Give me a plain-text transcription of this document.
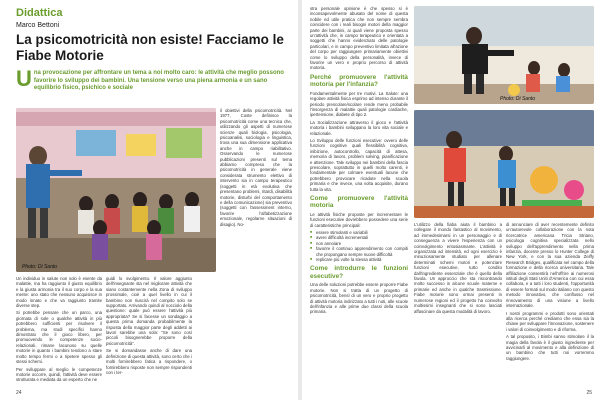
Didattica
Marco Bettoni
La psicomotricità non esiste! Facciamo le Fiabe Motorie
Una provocazione per affrontare un tema a noi molto caro: le attività che meglio possono favorire lo sviluppo dei bambini. Una tensione verso una piena armonia e un sano equilibrio fisico, psichico e sociale
Photo: Di Santo

Un individuo in salute non solo è esente da malattie, ma ha raggiunto il giusto equilibrio e la giusta armonia tra il suo corpo e la sua mente: uno stato che nessuno acquisisce in modo innato e che va raggiunto tramite diverse step.

Si potrebbe pensare che un parco, una giornata di sole o qualche attività in più potrebbero sufficienti per risolvere il problema, ma studi specifici hanno dimostrato che il gioco libero, per promuovendo le competenze socio-relazionali, rimane lacunoso su quelle motorie in quanto i bambini tendono a stare molto tempo fermi o a ripetere spesso gli stessi schemi.

Per sviluppare al meglio le competenze motorie occorre, quindi, l'attività deve essere strutturata e mediata da un esperto che ne

guidi lo svolgimento. Il valore aggiunto dell'insegnante sta nel migliorare attività che siano costantemente nella Zona di sviluppo prossimale, cioè a quel livello in cui il bambino non riuscirà nel compito solo se supportato. Arrivando quindi al nocciolo della questione: quale può essere l'attività più appropriata? Se si facesse un sondaggio a questa prima domanda probabilmente la risposta della maggior parte degli addetti ai lavori sarebbe una sola: "Se sono così piccoli bisognerebbe proporre della psicomotricità".

Se si domandasse anche di dare una definizione di questa attività, sono certo che i molti fornirebbero fatica a rispondere, o fornirebbero risposte non sempre rispondenti con i ter-

il obiettivi della psicomotricità. Nel 1977, Coste definisce la psicomotricità come una tecnica che, utilizzando gli aspetti di numerose scienze quali biologia, psicologia, psicoanalisi, sociologia e linguistica, trova una sua dimensione applicativa anche in campo riabilitativo. Osservando le numerose pubblicazioni presenti sul tema abbiamo compreso che la psicomotricità in generale viene considerata strumento elettivo di intervento sia in campo terapeutico (soggetti in età evolutiva che presentano problemi, ritardi, disabilità motorie, disturbi del comportamento e della comunicazione) sia preventivo (soggetti con l'assessment interno, favorire l'alfabetizzazione emozionale, regolarne situazioni di disagio). No-

24

stra personale opinione è che spesso si è inconsapevolmente abusato del nome di questa nobile ed utile pratica che non sempre sembra coincidere con i reali bisogni motori della maggior parte dei bambini, ai quali viene proposta spesso un'attività che, in campo terapeutico e orientata a soggetti che hanno evidenziato delle patologie particolari, e in campo preventivo limitata all'azione del corpo per raggiungere primariamente obiettivi come lo sviluppo della personalità, invece di favorire un vero e proprio percorso di attività motoria.

Perché promuovere l'attività motoria per l'infanzia?

Fondamentalmente per tre motivi. La Salute: una regolare attività fisica esprimo ad intenso durante il periodo prescolare/scolare rende meno probabile l'insorgenza di malattie quali patologie cardiache, ipertensione, diabete di tipo 2.

La Socializzazione attraverso il gioco e l'attività motoria i bambini sviluppano la loro vita sociale e relazionale.

Lo Sviluppo delle funzioni esecutive: ovvero delle funzioni cognitive quali flessibilità cognitiva, inibizione, autocontrollo, capacità di attesa, memoria di lavoro, problem solving, pianificazione e attenzione. Tale sviluppo nei bambini della fascia prescolare, soprattutto in quelli molto carenti, è fondamentale per colmare eventuali lacune che potrebbero provocare ricadute nella scuola primaria e che invece, una volta acquisite, durano tutta la vita.

Come promuovere l'attività motoria

Le attività fisiche proposte per incrementare le funzioni esecutive dovrebbero possedere una serie di caratteristiche principali:

■ essere stimolanti e variabili
■ avere difficoltà incrementali
■ non annoiare
■ favorire il continuo apprendimento con compiti che propongano sempre nuove difficoltà
■ replicare più volte la stessa attività
Come introdurre le funzioni esecutive?

Una delle soluzioni potrebbe essere proporre Fiabe motorie. Non si tratta di un progetto di psicomotricità, bensì di un vero e proprio progetto di attività motoria indirizzato a tutti i noti, alle scuole dell'infanzia e alle prime due classi della scuola primaria.

Photo: Di Santo

L'utilizzo della fiaba aiuta il bambino a collegare il mondo fantastico al movimento, ad immedesimarsi in un personaggio e di conseguenza a vivere l'esperienza con un coinvolgimento entusiasmante. L'attività è organizzata ad intensità, ed ogni esercizio è minuziosamente studiato per allenare determinati schemi motori e potenziare funzioni esecutive, tutto condito dall'ingrediente essenziale che è quello della favola. Un approccio che sta riscontrando molto successo in alcune scuole materne e primarie ed anche in qualche trasmissione. Fiabe motorie sono ormai presenti in numerose regioni ed il progetto ha coinvolto moltissimi insegnanti che si sono lasciati affascinare da questa modalità di lavoro.

di annunciare di aver recentemente definito un'autorevole collaborazione con la nota ricercatrice americana Tricia Striano, psicologa cognitiva specializzata nello sviluppo dell'apprendimento nella prima infanzia, docente presso lo Hunter College di New York, e con la sua azienda Zeiffy Research Bridges, qualificata nel campo della formazione e della ricerca universitaria. Tale affiliazione consentirà nell'offrire ai numerosi istituti degli Stati Uniti d'America con cui essa collabora, e a tutti i loro studenti, l'opportunità di essere formati sul modo italiano con questo metodo innovativo, che conflusso nel rinnovamento di una visione a livello internazionale.

I nostri programmi e prodotti sono orientati alla ricerca perché crediamo che essa sia la chiave per sviluppare l'innovazione, sostenere i valori di coinvolgimento e di riforma.

A tal proposito, i Bimbi sanno stimolare il la magia della favola è il giusto ingrediente per avvicinarli al movimento e alla definizione di un bambino che tutti noi vorremmo raggiungere.

25
